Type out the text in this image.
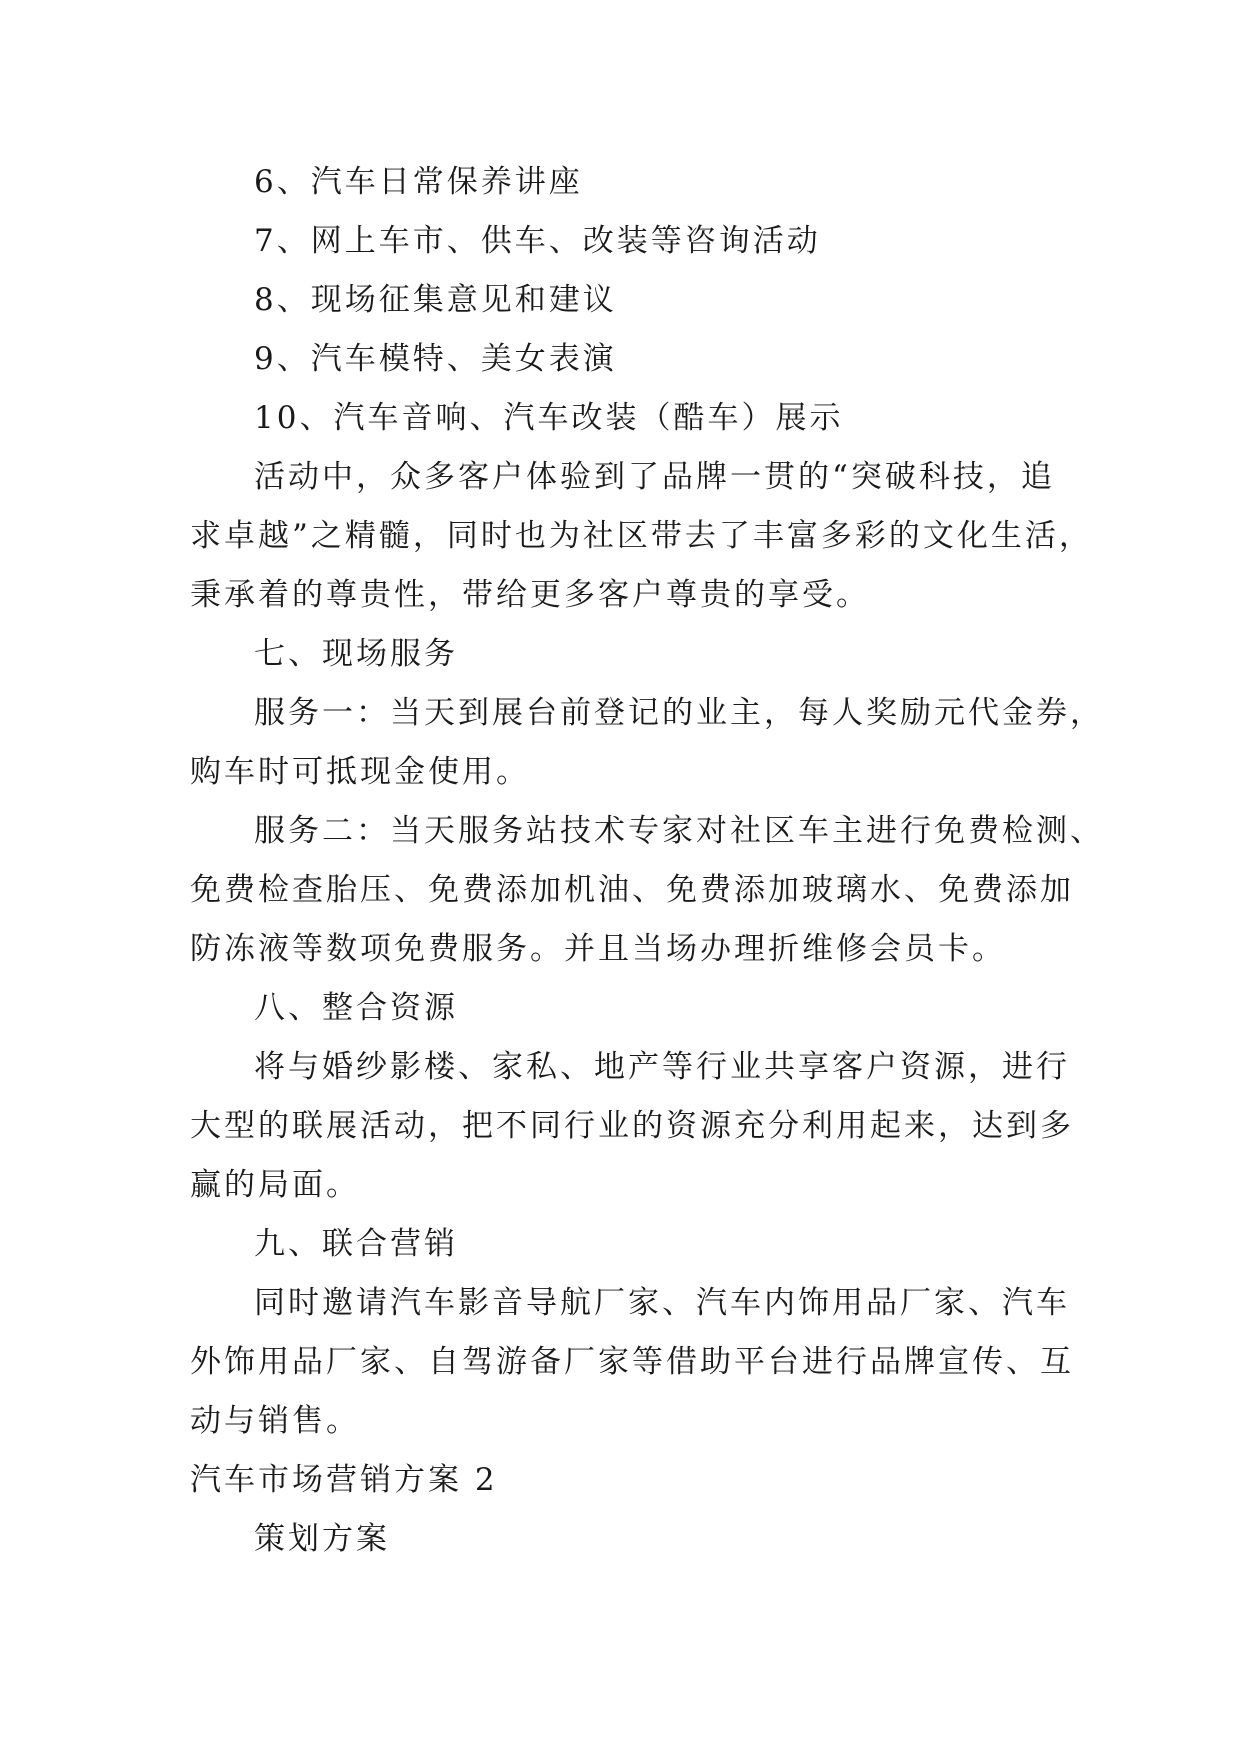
6、汽车日常保养讲座
7、网上车市、供车、改装等咨询活动
8、现场征集意见和建议
9、汽车模特、美女表演
10、汽车音响、汽车改装（酷车）展示
活动中，众多客户体验到了品牌一贯的“突破科技，追
求卓越”之精髓，同时也为社区带去了丰富多彩的文化生活，
秉承着的尊贵性，带给更多客户尊贵的享受。
七、现场服务
服务一：当天到展台前登记的业主，每人奖励元代金券，
购车时可抵现金使用。
服务二：当天服务站技术专家对社区车主进行免费检测、
免费检查胎压、免费添加机油、免费添加玻璃水、免费添加
防冻液等数项免费服务。并且当场办理折维修会员卡。
八、整合资源
将与婚纱影楼、家私、地产等行业共享客户资源，进行
大型的联展活动，把不同行业的资源充分利用起来，达到多
赢的局面。
九、联合营销
同时邀请汽车影音导航厂家、汽车内饰用品厂家、汽车
外饰用品厂家、自驾游备厂家等借助平台进行品牌宣传、互
动与销售。
汽车市场营销方案 2
策划方案
